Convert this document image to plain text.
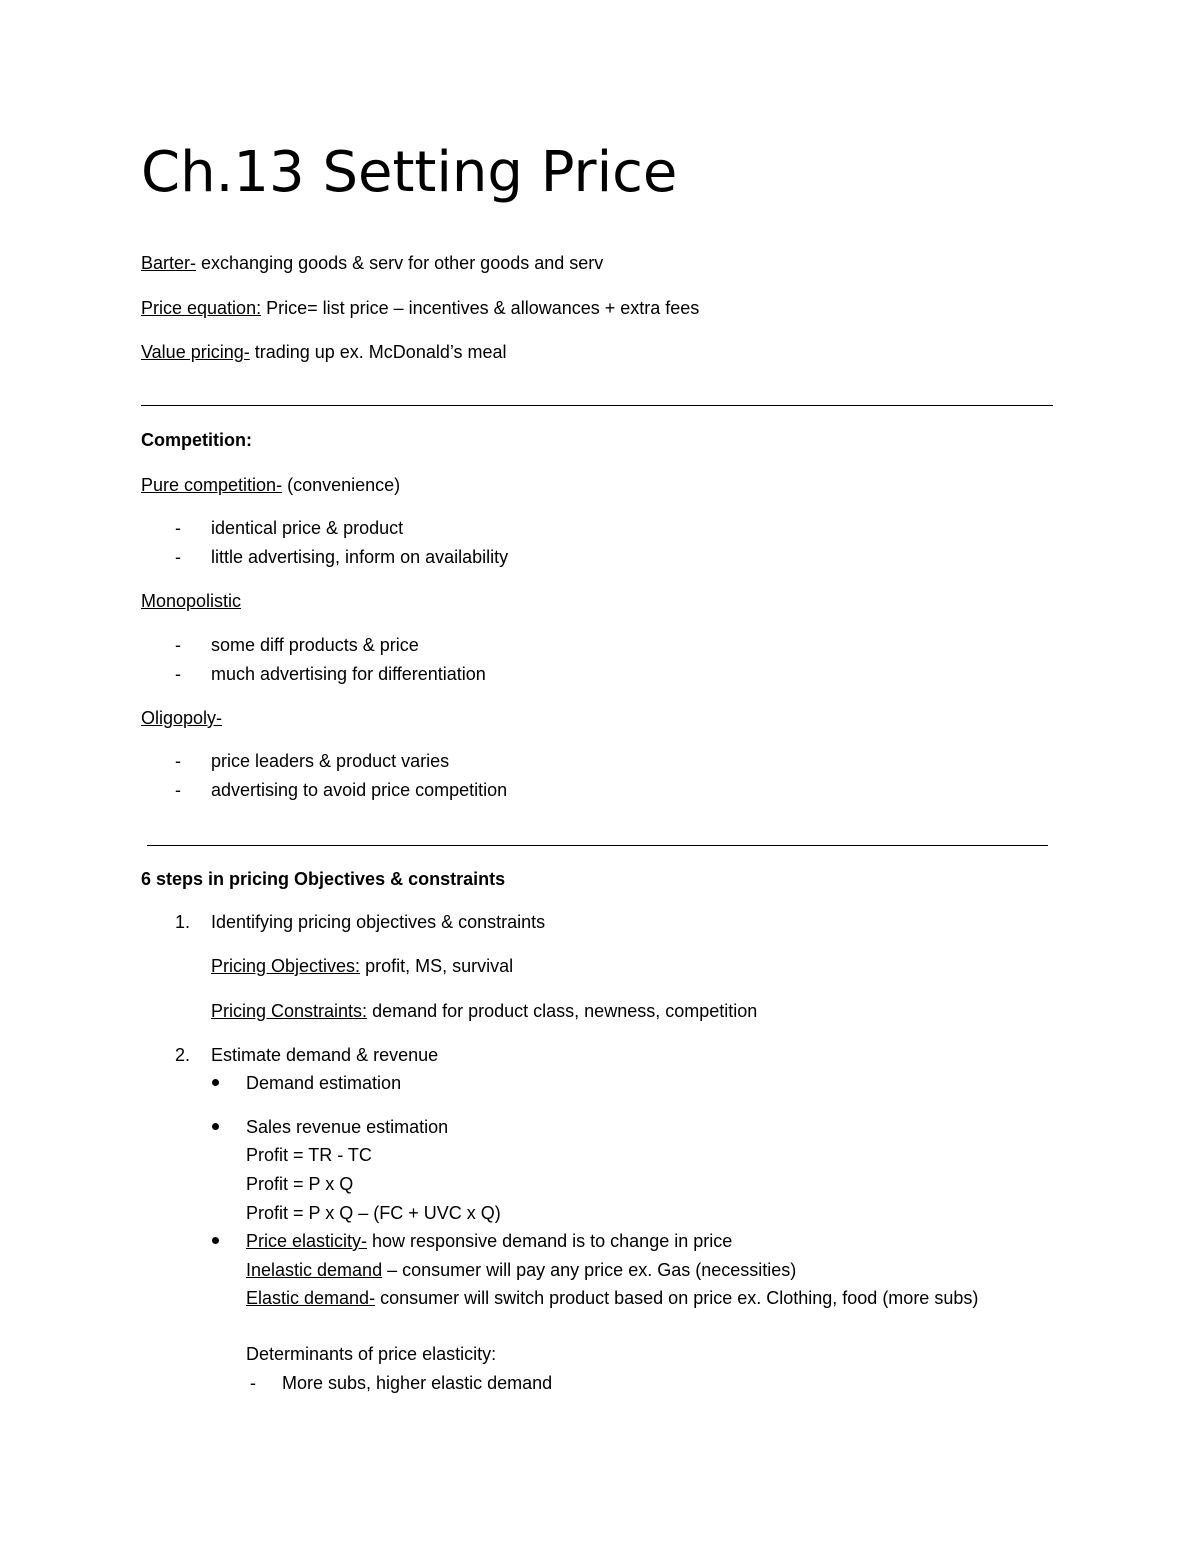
Ch.13 Setting Price
Barter- exchanging goods & serv for other goods and serv
Price equation: Price= list price – incentives & allowances + extra fees
Value pricing- trading up ex. McDonald’s meal
Competition:
Pure competition- (convenience)
- identical price & product
- little advertising, inform on availability
Monopolistic
- some diff products & price
- much advertising for differentiation
Oligopoly-
- price leaders & product varies
- advertising to avoid price competition
6 steps in pricing Objectives & constraints
1. Identifying pricing objectives & constraints
Pricing Objectives: profit, MS, survival
Pricing Constraints: demand for product class, newness, competition
2. Estimate demand & revenue
Demand estimation
Sales revenue estimation
Profit = TR - TC
Profit = P x Q
Profit = P x Q – (FC + UVC x Q)
Price elasticity- how responsive demand is to change in price
Inelastic demand – consumer will pay any price ex. Gas (necessities)
Elastic demand- consumer will switch product based on price ex. Clothing, food (more subs)
Determinants of price elasticity:
- More subs, higher elastic demand
